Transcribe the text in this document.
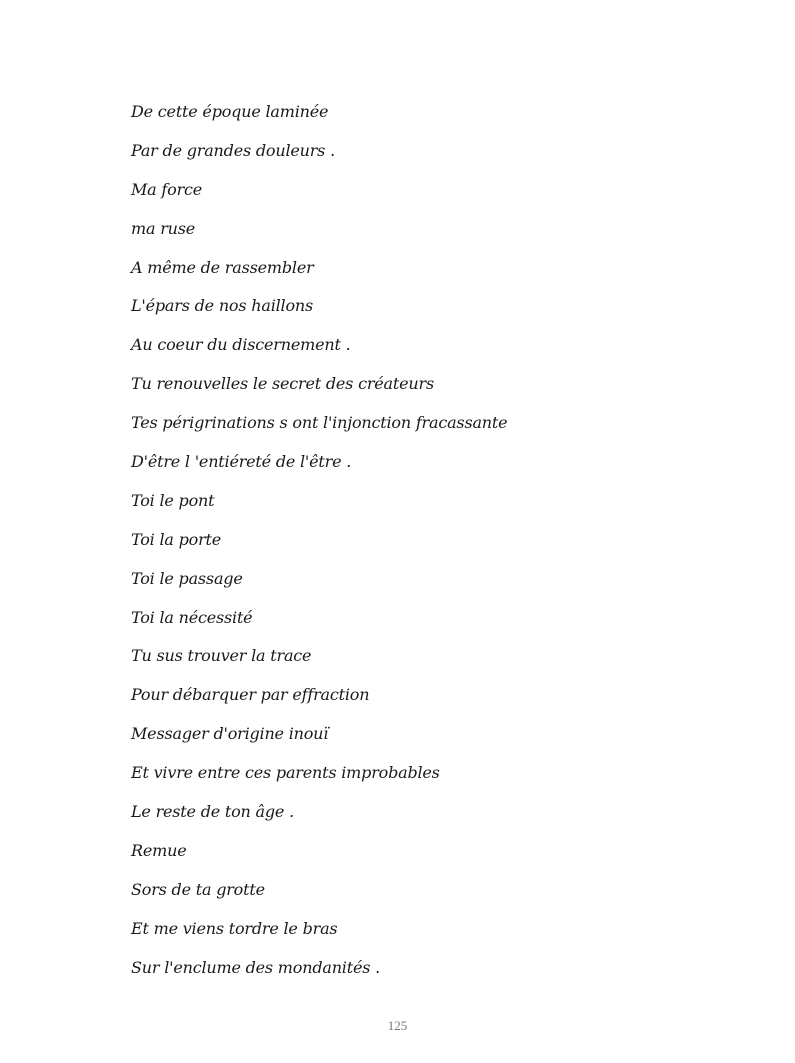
De cette époque laminée
Par de grandes douleurs .
Ma force
ma ruse
A même de rassembler
L'épars de nos haillons
Au coeur du discernement .
Tu renouvelles le secret des créateurs
Tes périgrinations s ont l'injonction fracassante
D'être l 'entiéreté de l'être .
Toi le pont
Toi la porte
Toi le passage
Toi la nécessité
Tu sus trouver la trace
Pour débarquer par effraction
Messager d'origine inouï
Et vivre entre ces parents improbables
Le reste de ton âge .
Remue
Sors de ta grotte
Et me viens tordre le bras
Sur l'enclume des mondanités .
125
